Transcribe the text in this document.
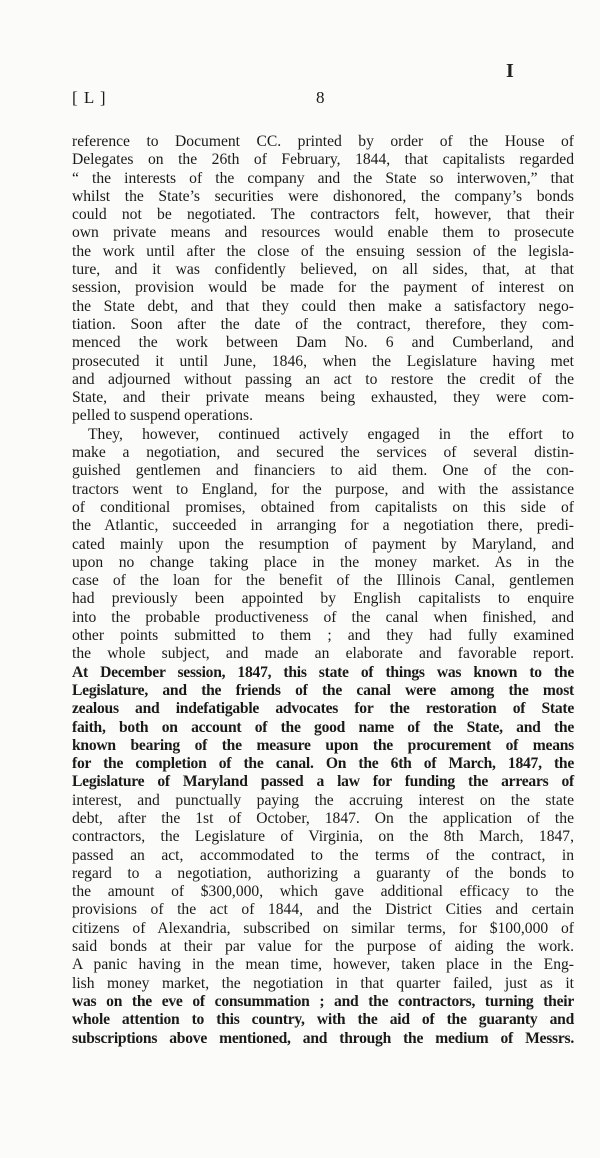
I
[ L ]	8
reference to Document CC. printed by order of the House of
Delegates on the 26th of February, 1844, that capitalists regarded
“ the interests of the company and the State so interwoven,” that
whilst the State’s securities were dishonored, the company’s bonds
could not be negotiated. The contractors felt, however, that their
own private means and resources would enable them to prosecute
the work until after the close of the ensuing session of the legisla-
ture, and it was confidently believed, on all sides, that, at that
session, provision would be made for the payment of interest on
the State debt, and that they could then make a satisfactory nego-
tiation. Soon after the date of the contract, therefore, they com-
menced the work between Dam No. 6 and Cumberland, and
prosecuted it until June, 1846, when the Legislature having met
and adjourned without passing an act to restore the credit of the
State, and their private means being exhausted, they were com-
pelled to suspend operations.
They, however, continued actively engaged in the effort to
make a negotiation, and secured the services of several distin-
guished gentlemen and financiers to aid them. One of the con-
tractors went to England, for the purpose, and with the assistance
of conditional promises, obtained from capitalists on this side of
the Atlantic, succeeded in arranging for a negotiation there, predi-
cated mainly upon the resumption of payment by Maryland, and
upon no change taking place in the money market. As in the
case of the loan for the benefit of the Illinois Canal, gentlemen
had previously been appointed by English capitalists to enquire
into the probable productiveness of the canal when finished, and
other points submitted to them ; and they had fully examined
the whole subject, and made an elaborate and favorable report.
At December session, 1847, this state of things was known to the
Legislature, and the friends of the canal were among the most
zealous and indefatigable advocates for the restoration of State
faith, both on account of the good name of the State, and the
known bearing of the measure upon the procurement of means
for the completion of the canal. On the 6th of March, 1847, the
Legislature of Maryland passed a law for funding the arrears of
interest, and punctually paying the accruing interest on the state
debt, after the 1st of October, 1847. On the application of the
contractors, the Legislature of Virginia, on the 8th March, 1847,
passed an act, accommodated to the terms of the contract, in
regard to a negotiation, authorizing a guaranty of the bonds to
the amount of $300,000, which gave additional efficacy to the
provisions of the act of 1844, and the District Cities and certain
citizens of Alexandria, subscribed on similar terms, for $100,000 of
said bonds at their par value for the purpose of aiding the work.
A panic having in the mean time, however, taken place in the Eng-
lish money market, the negotiation in that quarter failed, just as it
was on the eve of consummation ; and the contractors, turning their
whole attention to this country, with the aid of the guaranty and
subscriptions above mentioned, and through the medium of Messrs.
